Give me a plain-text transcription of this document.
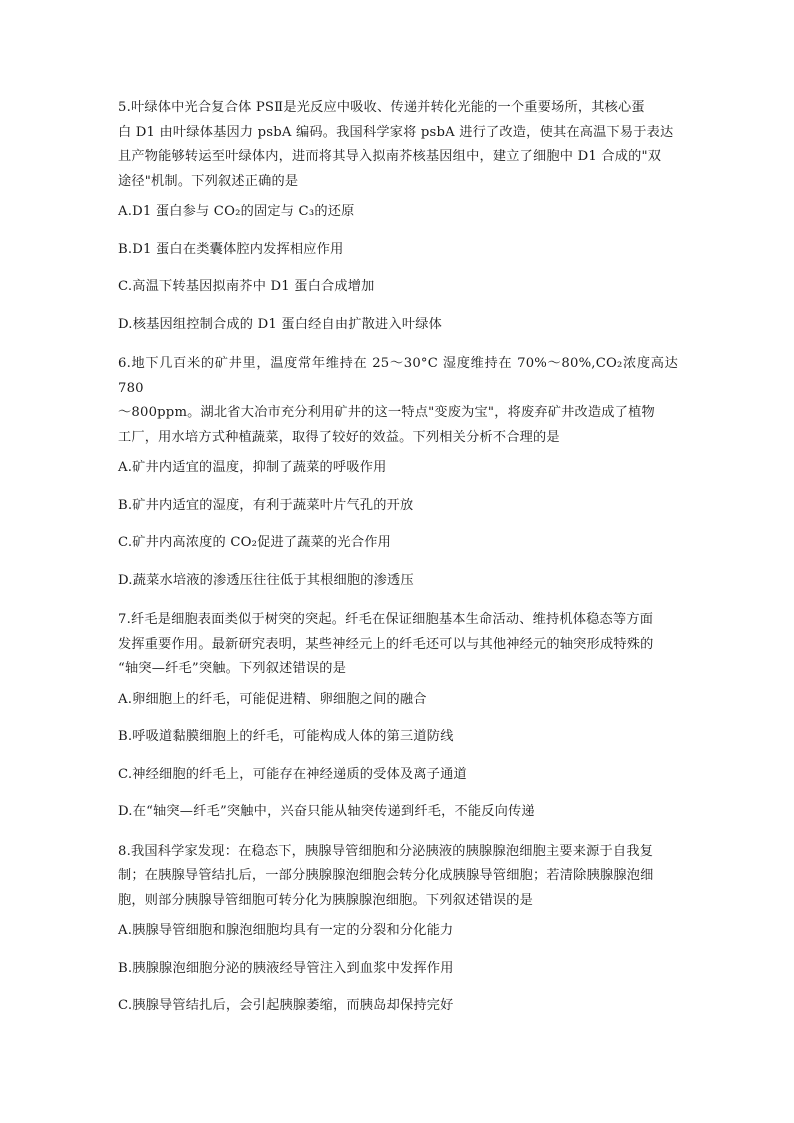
5.叶绿体中光合复合体 PSⅡ是光反应中吸收、传递并转化光能的一个重要场所，其核心蛋
白 D1 由叶绿体基因力 psbA 编码。我国科学家将 psbA 进行了改造，使其在高温下易于表达
且产物能够转运至叶绿体内，进而将其导入拟南芥核基因组中，建立了细胞中 D1 合成的"双
途径"机制。下列叙述正确的是

A.D1 蛋白参与 CO₂的固定与 C₃的还原

B.D1 蛋白在类囊体腔内发挥相应作用

C.高温下转基因拟南芥中 D1 蛋白合成增加

D.核基因组控制合成的 D1 蛋白经自由扩散进入叶绿体

6.地下几百米的矿井里，温度常年维持在 25～30°C 湿度维持在 70%～80%,CO₂浓度高达 780
～800ppm。湖北省大冶市充分利用矿井的这一特点"变废为宝"，将废弃矿井改造成了植物
工厂，用水培方式种植蔬菜，取得了较好的效益。下列相关分析不合理的是

A.矿井内适宜的温度，抑制了蔬菜的呼吸作用

B.矿井内适宜的湿度，有利于蔬菜叶片气孔的开放

C.矿井内高浓度的 CO₂促进了蔬菜的光合作用

D.蔬菜水培液的渗透压往往低于其根细胞的渗透压

7.纤毛是细胞表面类似于树突的突起。纤毛在保证细胞基本生命活动、维持机体稳态等方面
发挥重要作用。最新研究表明，某些神经元上的纤毛还可以与其他神经元的轴突形成特殊的
“轴突—纤毛”突触。下列叙述错误的是

A.卵细胞上的纤毛，可能促进精、卵细胞之间的融合

B.呼吸道黏膜细胞上的纤毛，可能构成人体的第三道防线

C.神经细胞的纤毛上，可能存在神经递质的受体及离子通道

D.在“轴突—纤毛”突触中，兴奋只能从轴突传递到纤毛，不能反向传递

8.我国科学家发现：在稳态下，胰腺导管细胞和分泌胰液的胰腺腺泡细胞主要来源于自我复
制；在胰腺导管结扎后，一部分胰腺腺泡细胞会转分化成胰腺导管细胞；若清除胰腺腺泡细
胞，则部分胰腺导管细胞可转分化为胰腺腺泡细胞。下列叙述错误的是

A.胰腺导管细胞和腺泡细胞均具有一定的分裂和分化能力

B.胰腺腺泡细胞分泌的胰液经导管注入到血浆中发挥作用

C.胰腺导管结扎后，会引起胰腺萎缩，而胰岛却保持完好
